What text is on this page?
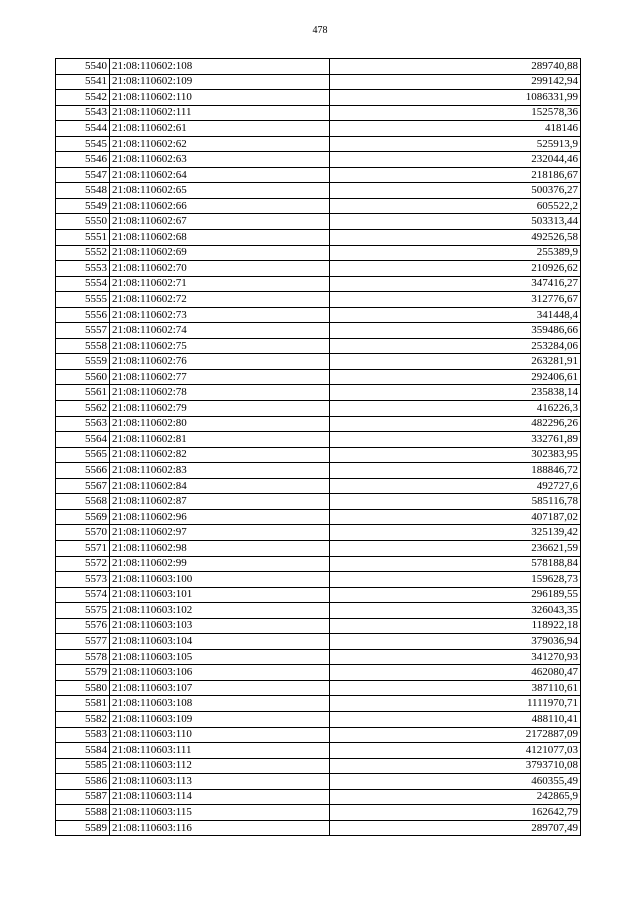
478
5540	21:08:110602:108	289740,88
5541	21:08:110602:109	299142,94
5542	21:08:110602:110	1086331,99
5543	21:08:110602:111	152578,36
5544	21:08:110602:61	418146
5545	21:08:110602:62	525913,9
5546	21:08:110602:63	232044,46
5547	21:08:110602:64	218186,67
5548	21:08:110602:65	500376,27
5549	21:08:110602:66	605522,2
5550	21:08:110602:67	503313,44
5551	21:08:110602:68	492526,58
5552	21:08:110602:69	255389,9
5553	21:08:110602:70	210926,62
5554	21:08:110602:71	347416,27
5555	21:08:110602:72	312776,67
5556	21:08:110602:73	341448,4
5557	21:08:110602:74	359486,66
5558	21:08:110602:75	253284,06
5559	21:08:110602:76	263281,91
5560	21:08:110602:77	292406,61
5561	21:08:110602:78	235838,14
5562	21:08:110602:79	416226,3
5563	21:08:110602:80	482296,26
5564	21:08:110602:81	332761,89
5565	21:08:110602:82	302383,95
5566	21:08:110602:83	188846,72
5567	21:08:110602:84	492727,6
5568	21:08:110602:87	585116,78
5569	21:08:110602:96	407187,02
5570	21:08:110602:97	325139,42
5571	21:08:110602:98	236621,59
5572	21:08:110602:99	578188,84
5573	21:08:110603:100	159628,73
5574	21:08:110603:101	296189,55
5575	21:08:110603:102	326043,35
5576	21:08:110603:103	118922,18
5577	21:08:110603:104	379036,94
5578	21:08:110603:105	341270,93
5579	21:08:110603:106	462080,47
5580	21:08:110603:107	387110,61
5581	21:08:110603:108	1111970,71
5582	21:08:110603:109	488110,41
5583	21:08:110603:110	2172887,09
5584	21:08:110603:111	4121077,03
5585	21:08:110603:112	3793710,08
5586	21:08:110603:113	460355,49
5587	21:08:110603:114	242865,9
5588	21:08:110603:115	162642,79
5589	21:08:110603:116	289707,49
